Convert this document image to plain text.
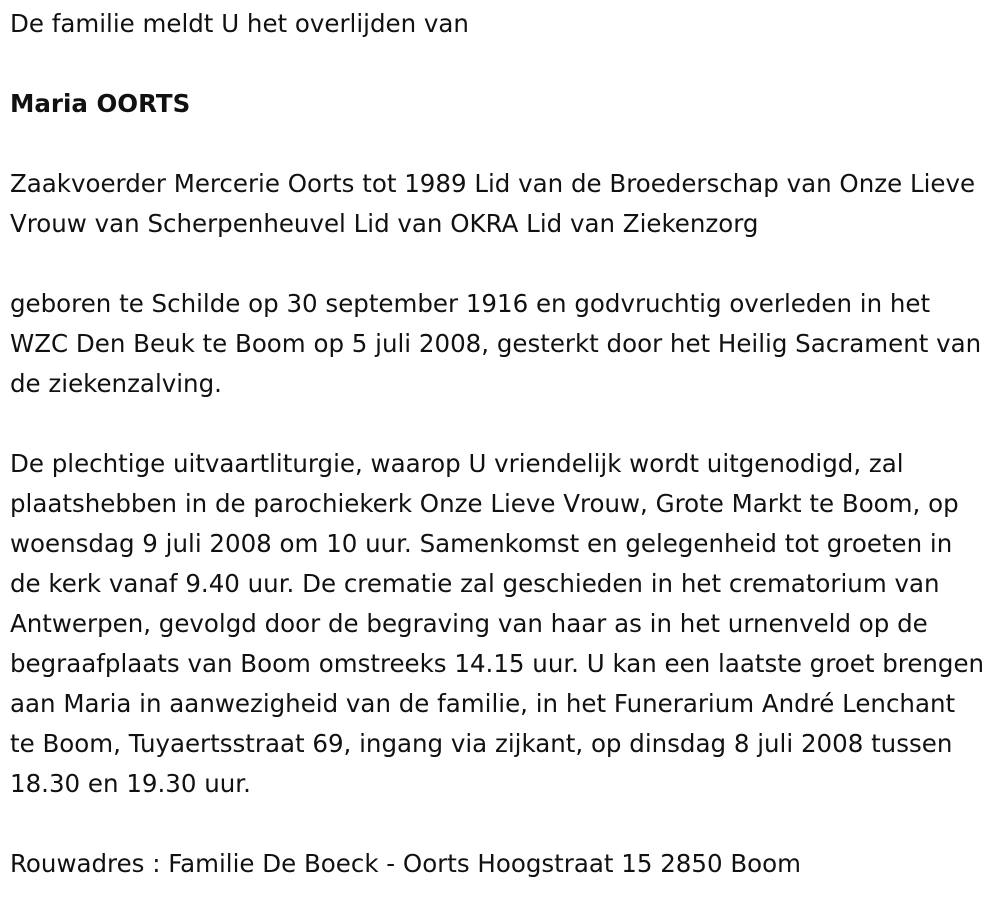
De familie meldt U het overlijden van

Maria OORTS

Zaakvoerder Mercerie Oorts tot 1989 Lid van de Broederschap van Onze Lieve Vrouw van Scherpenheuvel Lid van OKRA Lid van Ziekenzorg

geboren te Schilde op 30 september 1916 en godvruchtig overleden in het WZC Den Beuk te Boom op 5 juli 2008, gesterkt door het Heilig Sacrament van de ziekenzalving.

De plechtige uitvaartliturgie, waarop U vriendelijk wordt uitgenodigd, zal plaatshebben in de parochiekerk Onze Lieve Vrouw, Grote Markt te Boom, op woensdag 9 juli 2008 om 10 uur. Samenkomst en gelegenheid tot groeten in de kerk vanaf 9.40 uur. De crematie zal geschieden in het crematorium van Antwerpen, gevolgd door de begraving van haar as in het urnenveld op de begraafplaats van Boom omstreeks 14.15 uur. U kan een laatste groet brengen aan Maria in aanwezigheid van de familie, in het Funerarium André Lenchant te Boom, Tuyaertsstraat 69, ingang via zijkant, op dinsdag 8 juli 2008 tussen 18.30 en 19.30 uur.

Rouwadres : Familie De Boeck - Oorts Hoogstraat 15 2850 Boom
